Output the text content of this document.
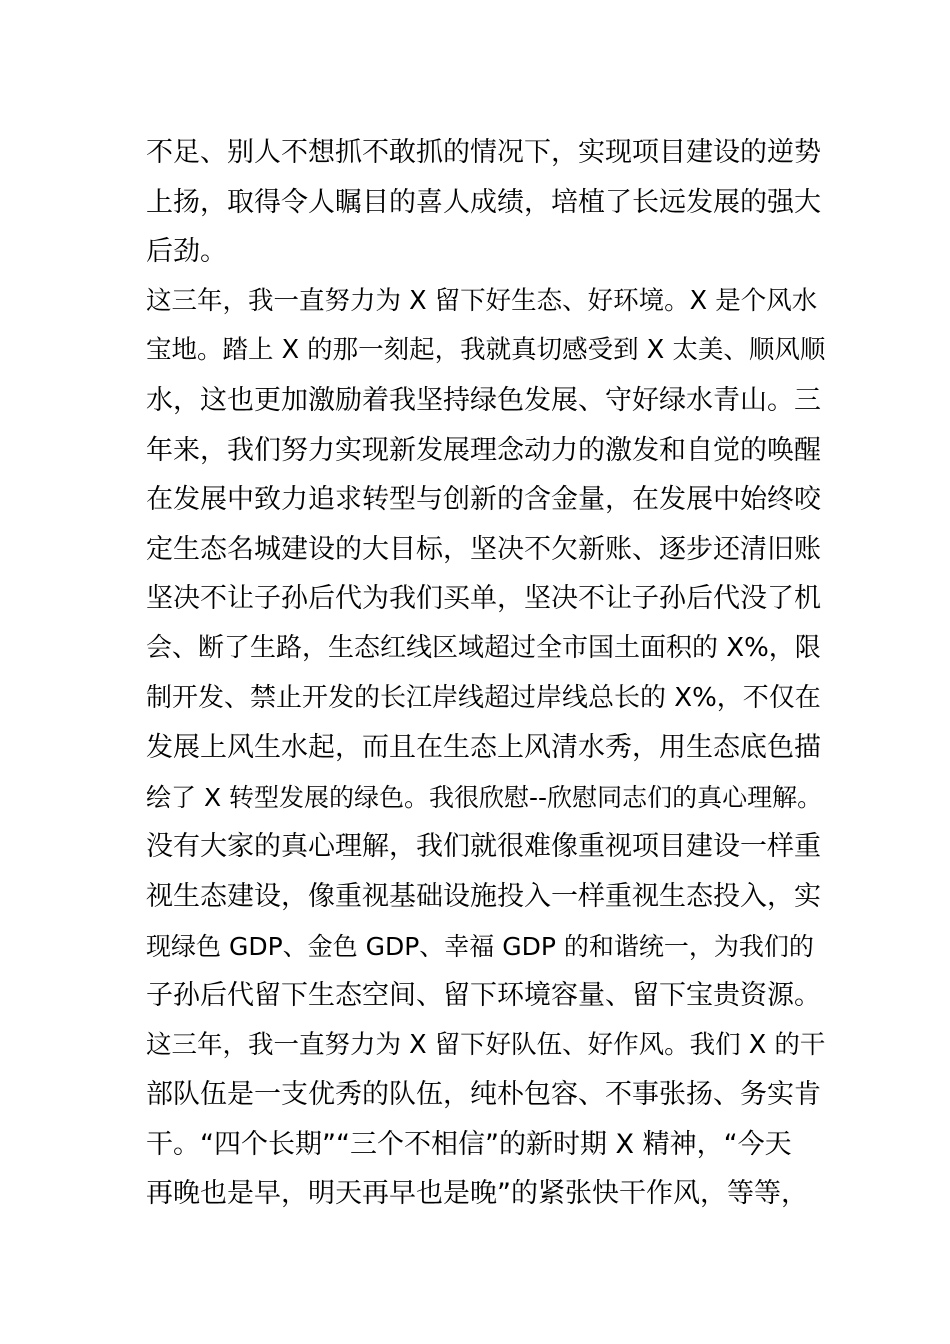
不足、别人不想抓不敢抓的情况下，实现项目建设的逆势
上扬，取得令人瞩目的喜人成绩，培植了长远发展的强大
后劲。
这三年，我一直努力为 X 留下好生态、好环境。X 是个风水
宝地。踏上 X 的那一刻起，我就真切感受到 X 太美、顺风顺
水，这也更加激励着我坚持绿色发展、守好绿水青山。三
年来，我们努力实现新发展理念动力的激发和自觉的唤醒
在发展中致力追求转型与创新的含金量，在发展中始终咬
定生态名城建设的大目标，坚决不欠新账、逐步还清旧账
坚决不让子孙后代为我们买单，坚决不让子孙后代没了机
会、断了生路，生态红线区域超过全市国土面积的 X%，限
制开发、禁止开发的长江岸线超过岸线总长的 X%，不仅在
发展上风生水起，而且在生态上风清水秀，用生态底色描
绘了 X 转型发展的绿色。我很欣慰--欣慰同志们的真心理解。
没有大家的真心理解，我们就很难像重视项目建设一样重
视生态建设，像重视基础设施投入一样重视生态投入，实
现绿色 GDP、金色 GDP、幸福 GDP 的和谐统一，为我们的
子孙后代留下生态空间、留下环境容量、留下宝贵资源。
这三年，我一直努力为 X 留下好队伍、好作风。我们 X 的干
部队伍是一支优秀的队伍，纯朴包容、不事张扬、务实肯
干。“四个长期”“三个不相信”的新时期 X 精神，“今天
再晚也是早，明天再早也是晚”的紧张快干作风，等等，
